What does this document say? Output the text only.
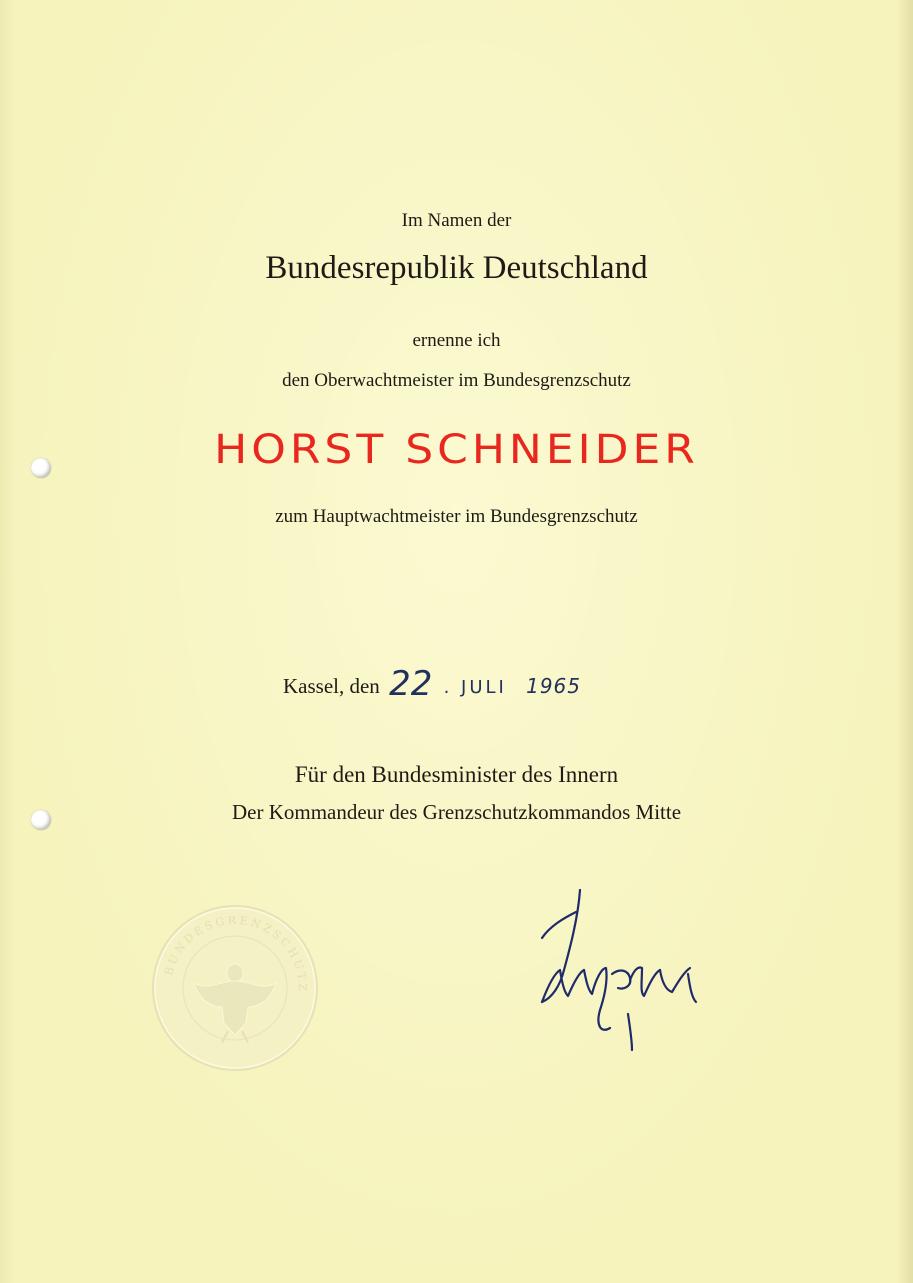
Im Namen der
Bundesrepublik Deutschland
ernenne ich
den Oberwachtmeister im Bundesgrenzschutz
HORST SCHNEIDER
zum Hauptwachtmeister im Bundesgrenzschutz
Kassel, den 22 . JULI 1965
Für den Bundesminister des Innern
Der Kommandeur des Grenzschutzkommandos Mitte
BUNDESGRENZSCHUTZ
